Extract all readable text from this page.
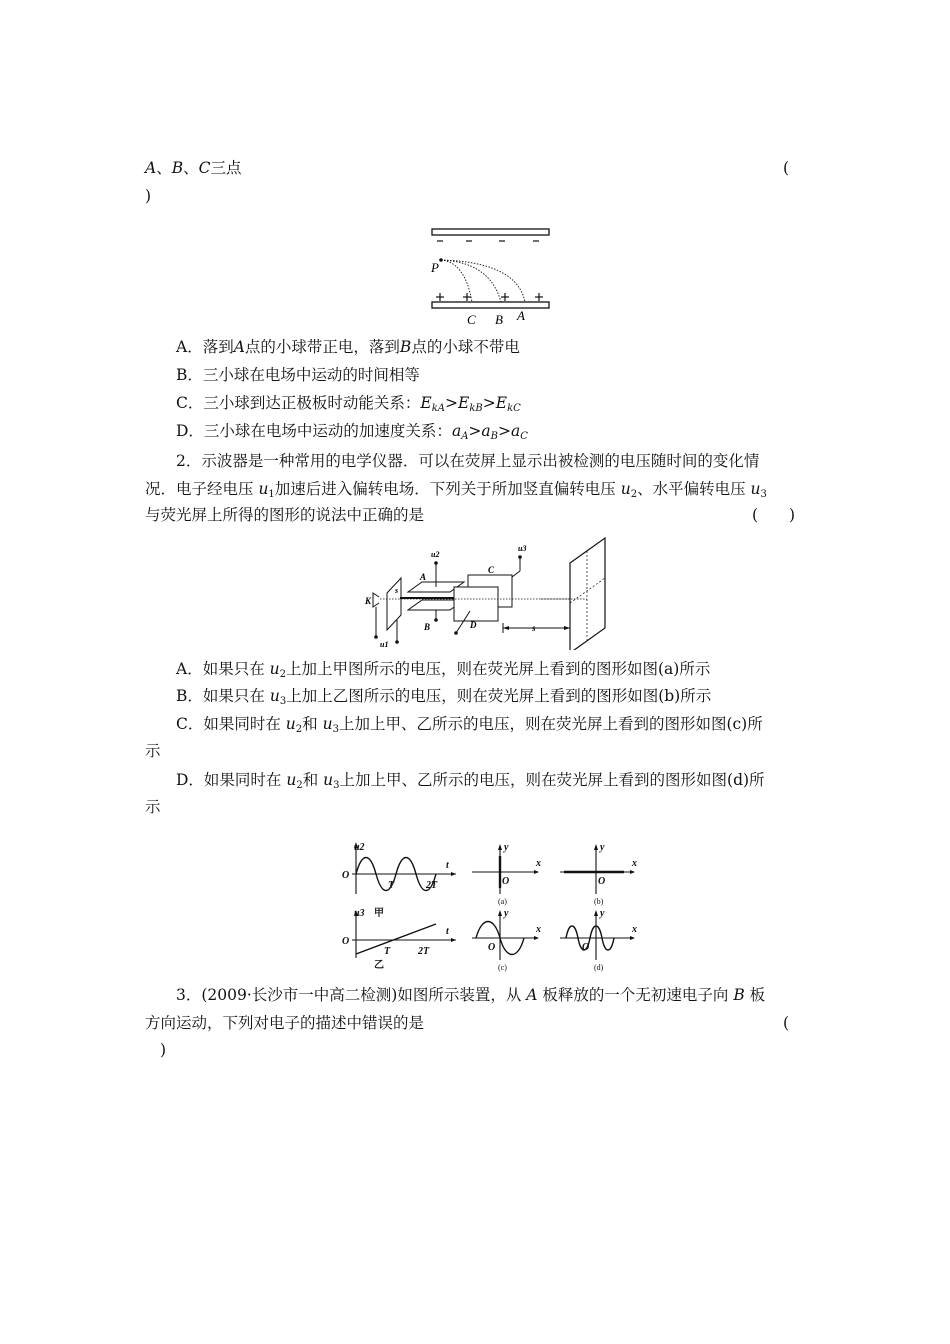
A、B、C三点	(
)
P
C B A
A．落到A点的小球带正电，落到B点的小球不带电
B．三小球在电场中运动的时间相等
C．三小球到达正极板时动能关系：$E_{kA}>E_{kB}>E_{kC}$
D．三小球在电场中运动的加速度关系：$a_A>a_B>a_C$
2．示波器是一种常用的电学仪器．可以在荧屏上显示出被检测的电压随时间的变化情
况．电子经电压 $u_1$加速后进入偏转电场．下列关于所加竖直偏转电压 $u_2$、水平偏转电压 $u_3$
与荧光屏上所得的图形的说法中正确的是	(　　)
K
s
u1
A
u2
B
C
u3
D	s
A．如果只在 $u_2$上加上甲图所示的电压，则在荧光屏上看到的图形如图(a)所示
B．如果只在 $u_3$上加上乙图所示的电压，则在荧光屏上看到的图形如图(b)所示
C．如果同时在 $u_2$和 $u_3$上加上甲、乙所示的电压，则在荧光屏上看到的图形如图(c)所
示
D．如果同时在 $u_2$和 $u_3$上加上甲、乙所示的电压，则在荧光屏上看到的图形如图(d)所
示
u2
O
T	2T
t
u3 甲
O
T	2T
t
乙
y
x
O
(a)
y
x
O
(b)
y
x
O
(c)
y
x
O
(d)
3．(2009·长沙市一中高二检测)如图所示装置，从 A 板释放的一个无初速电子向 B 板
方向运动，下列对电子的描述中错误的是	(
)
